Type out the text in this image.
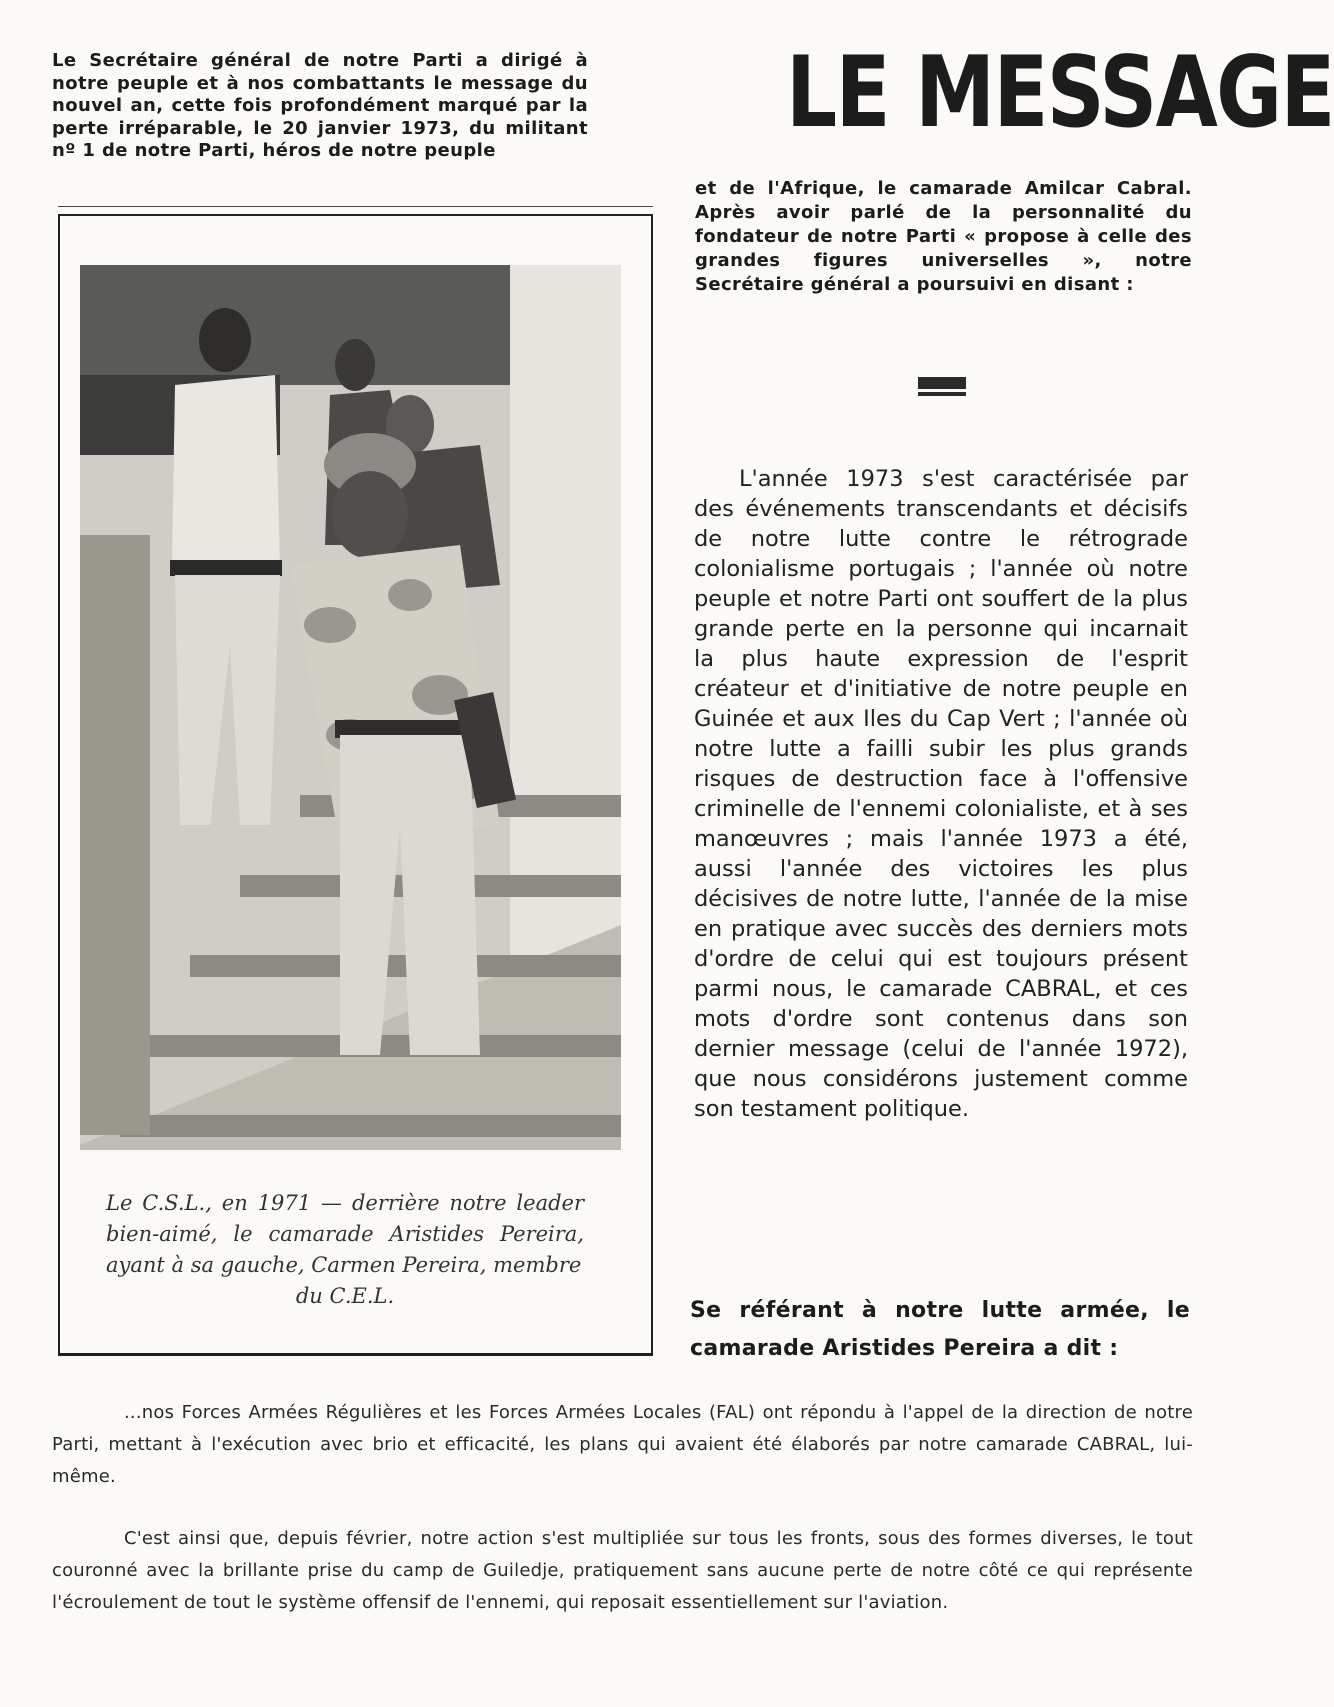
Le Secrétaire général de notre Parti a dirigé à notre peuple et à nos combattants le message du nouvel an, cette fois profondément marqué par la perte irréparable, le 20 janvier 1973, du militant nº 1 de notre Parti, héros de notre peuple
LE MESSAGE
et de l'Afrique, le camarade Amilcar Cabral. Après avoir parlé de la personnalité du fondateur de notre Parti « propose à celle des grandes figures universelles », notre Secrétaire général a poursuivi en disant :
L'année 1973 s'est caractérisée par des événements transcendants et décisifs de notre lutte contre le rétrograde colonialisme portugais ; l'année où notre peuple et notre Parti ont souffert de la plus grande perte en la personne qui incarnait la plus haute expression de l'esprit créateur et d'initiative de notre peuple en Guinée et aux Iles du Cap Vert ; l'année où notre lutte a failli subir les plus grands risques de destruction face à l'offensive criminelle de l'ennemi colonialiste, et à ses manœuvres ; mais l'année 1973 a été, aussi l'année des victoires les plus décisives de notre lutte, l'année de la mise en pratique avec succès des derniers mots d'ordre de celui qui est toujours présent parmi nous, le camarade CABRAL, et ces mots d'ordre sont contenus dans son dernier message (celui de l'année 1972), que nous considérons justement comme son testament politique.
Le C.S.L., en 1971 — derrière notre leader bien-aimé, le camarade Aristides Pereira, ayant à sa gauche, Carmen Pereira, membre
du C.E.L.
Se référant à notre lutte armée, le camarade Aristides Pereira a dit :

...nos Forces Armées Régulières et les Forces Armées Locales (FAL) ont répondu à l'appel de la direction de notre Parti, mettant à l'exécution avec brio et efficacité, les plans qui avaient été élaborés par notre camarade CABRAL, lui-même.

C'est ainsi que, depuis février, notre action s'est multipliée sur tous les fronts, sous des formes diverses, le tout couronné avec la brillante prise du camp de Guiledje, pratiquement sans aucune perte de notre côté ce qui représente l'écroulement de tout le système offensif de l'ennemi, qui reposait essentiellement sur l'aviation.
